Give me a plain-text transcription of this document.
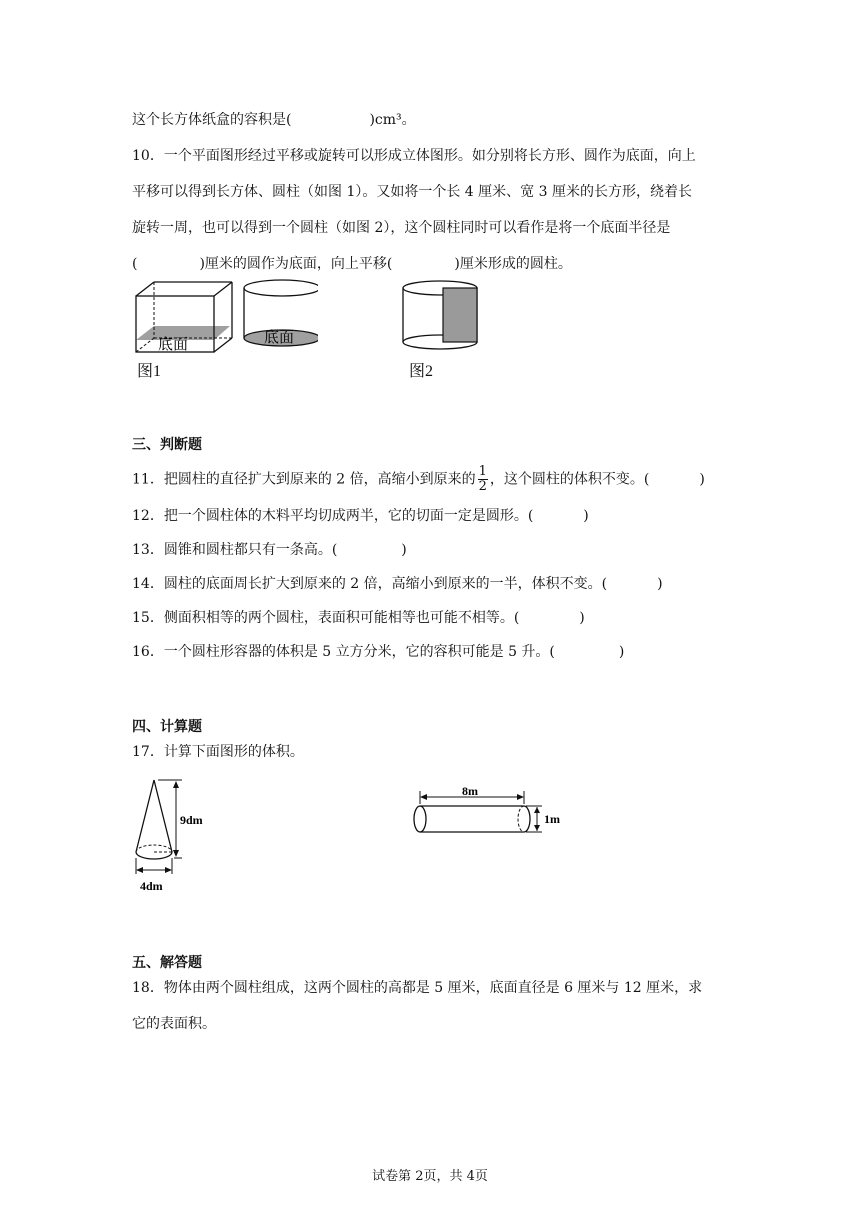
这个长方体纸盒的容积是(	)cm³。
10．一个平面图形经过平移或旋转可以形成立体图形。如分别将长方形、圆作为底面，向上
平移可以得到长方体、圆柱（如图 1）。又如将一个长 4 厘米、宽 3 厘米的长方形，绕着长
旋转一周，也可以得到一个圆柱（如图 2），这个圆柱同时可以看作是将一个底面半径是
(	)厘米的圆作为底面，向上平移(	)厘米形成的圆柱。
底面	底面
图1	图2
三、判断题
11．把圆柱的直径扩大到原来的 2 倍，高缩小到原来的 $\frac{1}{2}$ ，这个圆柱的体积不变。(	)
12．把一个圆柱体的木料平均切成两半，它的切面一定是圆形。(	)
13．圆锥和圆柱都只有一条高。(	)
14．圆柱的底面周长扩大到原来的 2 倍，高缩小到原来的一半，体积不变。(	)
15．侧面积相等的两个圆柱，表面积可能相等也可能不相等。(	)
16．一个圆柱形容器的体积是 5 立方分米，它的容积可能是 5 升。(	)
四、计算题
17．计算下面图形的体积。
9dm
4dm
8m
1m
五、解答题
18．物体由两个圆柱组成，这两个圆柱的高都是 5 厘米，底面直径是 6 厘米与 12 厘米，求
它的表面积。
试卷第 2页，共 4页
